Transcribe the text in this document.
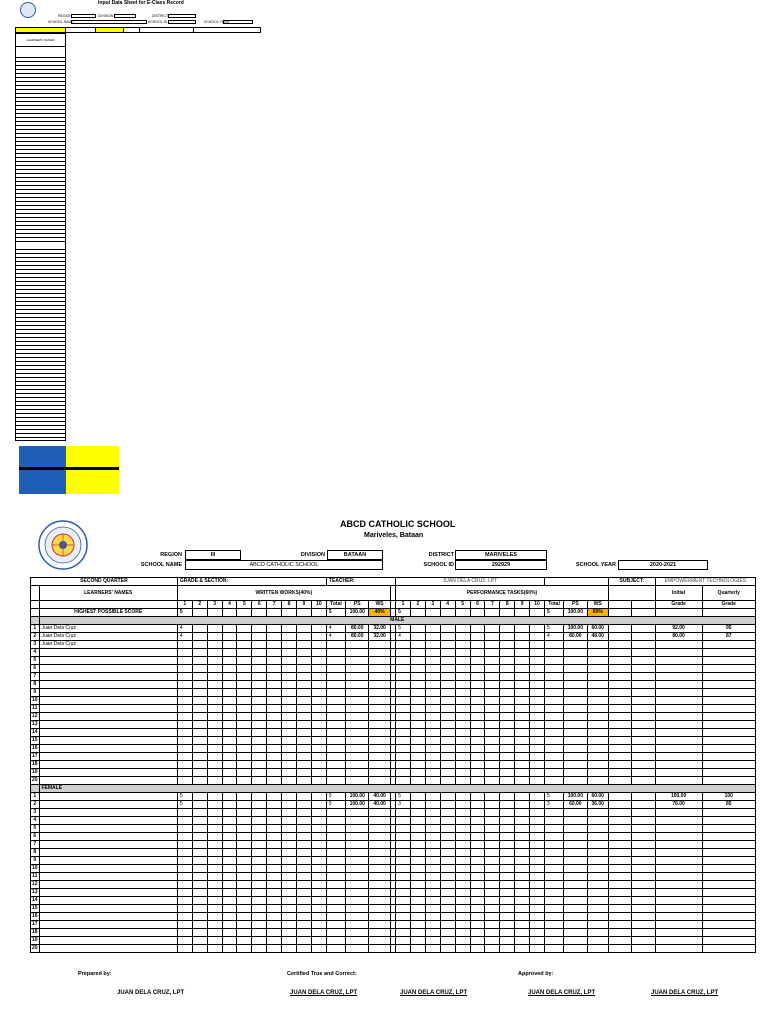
Input Data Sheet for E-Class Record
REGION	DIVISION	DISTRICT
SCHOOL NAME	SCHOOL ID	SCHOOL YEAR
LEARNERS' NAMES
ABCD CATHOLIC SCHOOL
Mariveles, Bataan
REGION	III	DIVISION	BATAAN	DISTRICT	MARIVELES
SCHOOL NAME	ABCD CATHOLIC SCHOOL	SCHOOL ID	292929	SCHOOL YEAR	2020-2021
SECOND QUARTER		GRADE & SECTION:										TEACHER:				JUAN DELA CRUZ, LPT													SUBJECT:		EMPOWERMENT TECHNOLOGIES	
	LEARNERS' NAMES	WRITTEN WORKS(40%)														PERFORMANCE TASKS(60%)															Initial	Quarterly

		1	2	3	4	5	6	7	8	9	10	Total	PS	WS		1	2	3	4	5	6	7	8	9	10	Total	PS	WS			Grade	Grade
	HIGHEST POSSIBLE SCORE	5										5	100.00	40%		5										5	100.00	60%				
	MALE																															
1	Juan Dela Cruz	4										4	80.00	32.00		5										5	100.00	60.00			92.00	95
2	Juan Dela Cruz	4										4	80.00	32.00		4										4	80.00	48.00			80.00	87
3	Juan Dela Cruz																															
4																																
5																																
6																																
7																																
8																																
9																																
10																																
11																																
12																																
13																																
14																																
15																																
16																																
17																																
18																																
19																																
20																																
	FEMALE																															
1		5										5	100.00	40.00		5										5	100.00	60.00			100.00	100
2		5										5	100.00	40.00		3										3	60.00	36.00			76.00	85
3																																
4																																
5																																
6																																
7																																
8																																
9																																
10																																
11																																
12																																
13																																
14																																
15																																
16																																
17																																
18																																
19																																
20																																
Prepared by:	Certified True and Correct:	Approved by:
JUAN DELA CRUZ, LPT	JUAN DELA CRUZ, LPT	JUAN DELA CRUZ, LPT	JUAN DELA CRUZ, LPT	JUAN DELA CRUZ, LPT
